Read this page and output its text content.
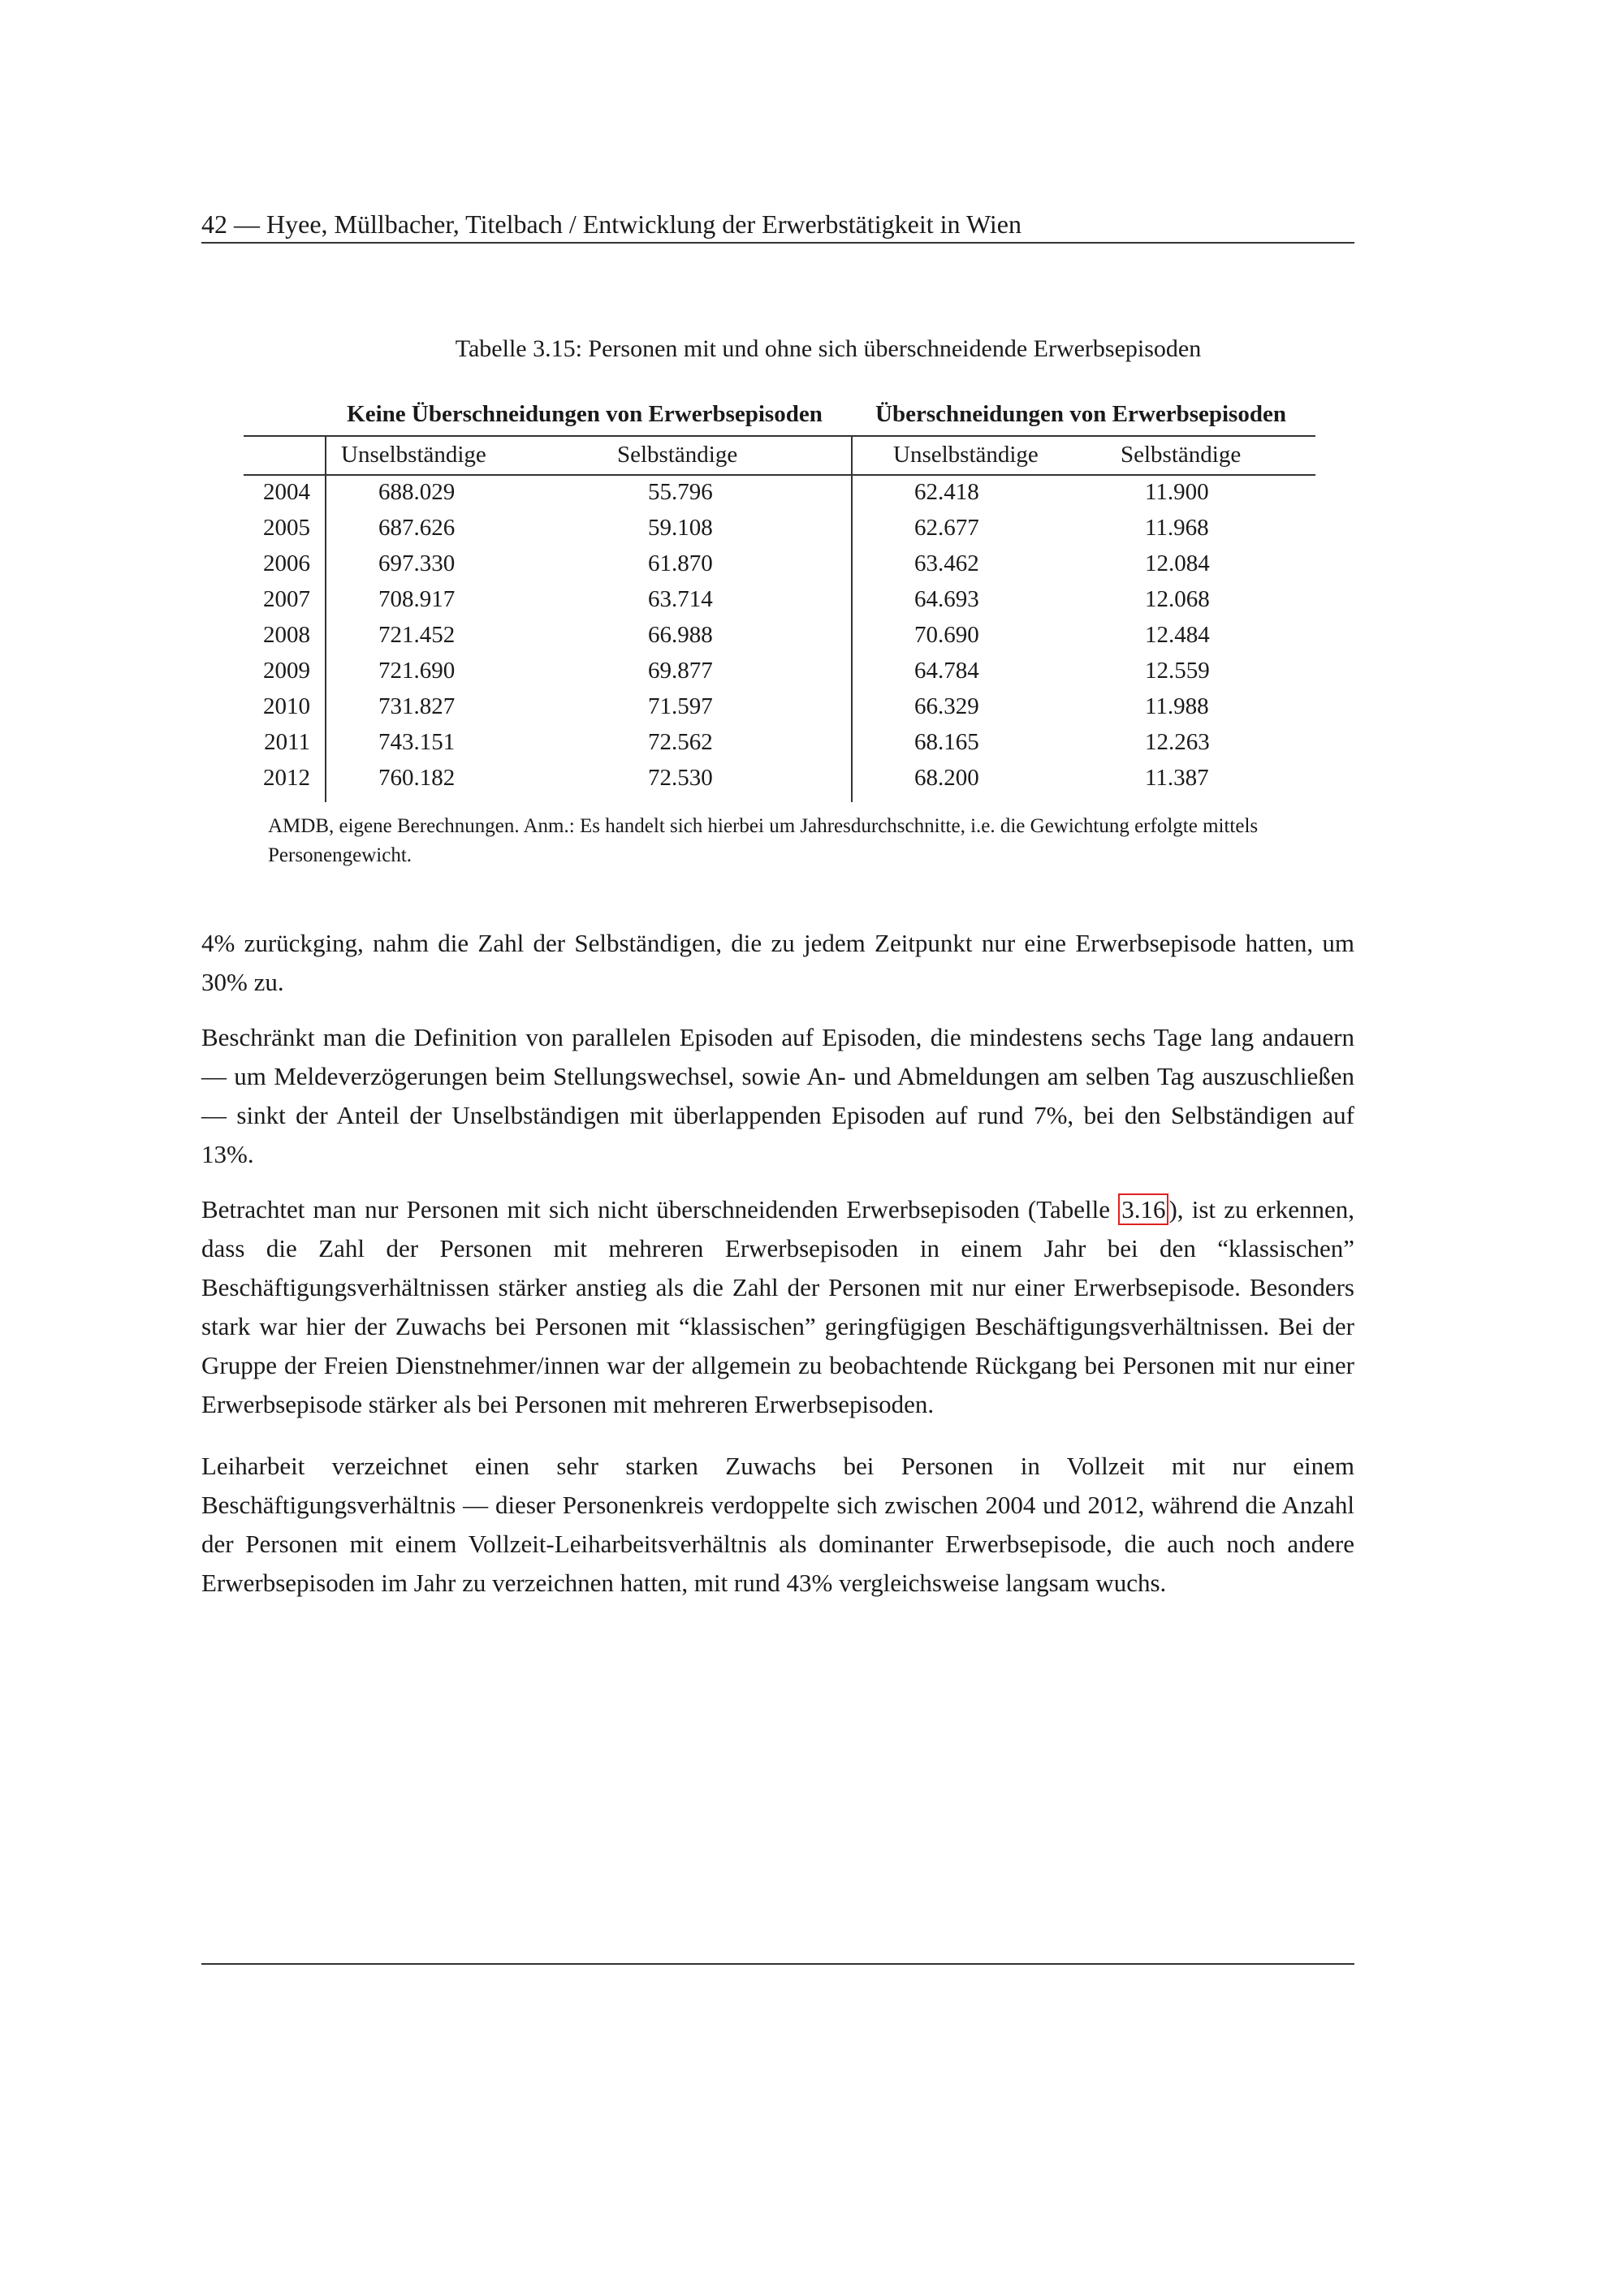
42 — Hyee, Müllbacher, Titelbach / Entwicklung der Erwerbstätigkeit in Wien
Tabelle 3.15: Personen mit und ohne sich überschneidende Erwerbsepisoden
Keine Überschneidungen von Erwerbsepisoden	Überschneidungen von Erwerbsepisoden
Unselbständige	Selbständige	Unselbständige	Selbständige
2004	688.029	55.796	62.418	11.900
2005	687.626	59.108	62.677	11.968
2006	697.330	61.870	63.462	12.084
2007	708.917	63.714	64.693	12.068
2008	721.452	66.988	70.690	12.484
2009	721.690	69.877	64.784	12.559
2010	731.827	71.597	66.329	11.988
2011	743.151	72.562	68.165	12.263
2012	760.182	72.530	68.200	11.387
AMDB, eigene Berechnungen. Anm.: Es handelt sich hierbei um Jahresdurchschnitte, i.e. die Gewichtung erfolgte mittels Personengewicht.

4% zurückging, nahm die Zahl der Selbständigen, die zu jedem Zeitpunkt nur eine Erwerbsepisode hatten, um 30% zu.

Beschränkt man die Definition von parallelen Episoden auf Episoden, die mindestens sechs Tage lang andauern — um Meldeverzögerungen beim Stellungswechsel, sowie An- und Abmeldungen am selben Tag auszuschließen — sinkt der Anteil der Unselbständigen mit überlappenden Episoden auf rund 7%, bei den Selbständigen auf 13%.

Betrachtet man nur Personen mit sich nicht überschneidenden Erwerbsepisoden (Tabelle 3.16 ), ist zu erkennen, dass die Zahl der Personen mit mehreren Erwerbsepisoden in einem Jahr bei den “klassischen” Beschäftigungsverhältnissen stärker anstieg als die Zahl der Personen mit nur einer Erwerbsepisode. Besonders stark war hier der Zuwachs bei Personen mit “klassischen” geringfügigen Beschäftigungsverhältnissen. Bei der Gruppe der Freien Dienstnehmer/innen war der allgemein zu beobachtende Rückgang bei Personen mit nur einer Erwerbsepisode stärker als bei Personen mit mehreren Erwerbsepisoden.

Leiharbeit verzeichnet einen sehr starken Zuwachs bei Personen in Vollzeit mit nur einem Beschäftigungsverhältnis — dieser Personenkreis verdoppelte sich zwischen 2004 und 2012, während die Anzahl der Personen mit einem Vollzeit-Leiharbeitsverhältnis als dominanter Erwerbsepisode, die auch noch andere Erwerbsepisoden im Jahr zu verzeichnen hatten, mit rund 43% vergleichsweise langsam wuchs.
